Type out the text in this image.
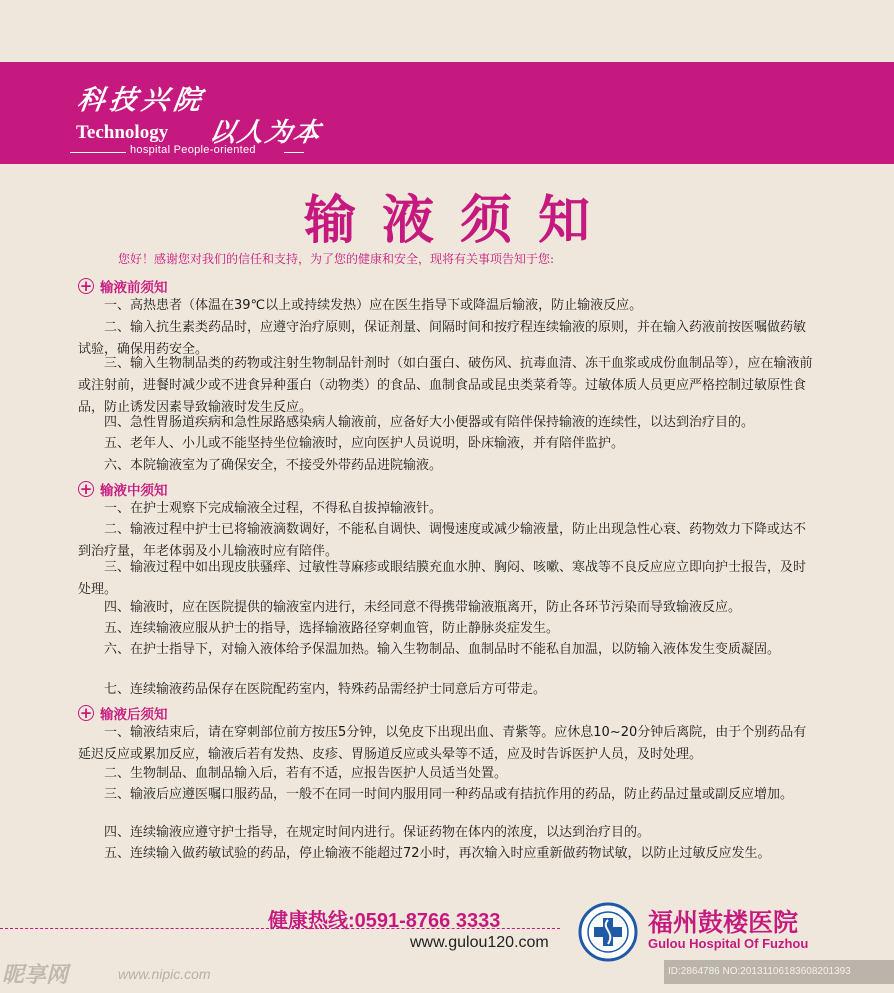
科技兴院
Technology 以人为本
hospital People-oriented
输液须知
您好！感谢您对我们的信任和支持，为了您的健康和安全，现将有关事项告知于您:
+ 输液前须知
一、高热患者（体温在39℃以上或持续发热）应在医生指导下或降温后输液，防止输液反应。
二、输入抗生素类药品时，应遵守治疗原则，保证剂量、间隔时间和按疗程连续输液的原则，并在输入药液前按医嘱做药敏试验，确保用药安全。
三、输入生物制品类的药物或注射生物制品针剂时（如白蛋白、破伤风、抗毒血清、冻干血浆或成份血制品等），应在输液前或注射前，进餐时减少或不进食异种蛋白（动物类）的食品、血制食品或昆虫类菜肴等。过敏体质人员更应严格控制过敏原性食品，防止诱发因素导致输液时发生反应。
四、急性胃肠道疾病和急性尿路感染病人输液前，应备好大小便器或有陪伴保持输液的连续性，以达到治疗目的。
五、老年人、小儿或不能坚持坐位输液时，应向医护人员说明，卧床输液，并有陪伴监护。
六、本院输液室为了确保安全，不接受外带药品进院输液。
+ 输液中须知
一、在护士观察下完成输液全过程，不得私自拔掉输液针。
二、输液过程中护士已将输液滴数调好，不能私自调快、调慢速度或减少输液量，防止出现急性心衰、药物效力下降或达不到治疗量，年老体弱及小儿输液时应有陪伴。
三、输液过程中如出现皮肤骚痒、过敏性荨麻疹或眼结膜充血水肿、胸闷、咳嗽、寒战等不良反应应立即向护士报告，及时处理。
四、输液时，应在医院提供的输液室内进行，未经同意不得携带输液瓶离开，防止各环节污染而导致输液反应。
五、连续输液应服从护士的指导，选择输液路径穿刺血管，防止静脉炎症发生。
六、在护士指导下，对输入液体给予保温加热。输入生物制品、血制品时不能私自加温，以防输入液体发生变质凝固。
七、连续输液药品保存在医院配药室内，特殊药品需经护士同意后方可带走。
+ 输液后须知
一、输液结束后，请在穿刺部位前方按压5分钟，以免皮下出现出血、青紫等。应休息10~20分钟后离院，由于个别药品有延迟反应或累加反应，输液后若有发热、皮疹、胃肠道反应或头晕等不适，应及时告诉医护人员，及时处理。
二、生物制品、血制品输入后，若有不适，应报告医护人员适当处置。
三、输液后应遵医嘱口服药品，一般不在同一时间内服用同一种药品或有拮抗作用的药品，防止药品过量或副反应增加。
四、连续输液应遵守护士指导，在规定时间内进行。保证药物在体内的浓度，以达到治疗目的。
五、连续输入做药敏试验的药品，停止输液不能超过72小时，再次输入时应重新做药物试敏，以防止过敏反应发生。
健康热线:0591-8766 3333
www.gulou120.com
福州鼓楼医院
Gulou Hospital Of Fuzhou
昵享网	www.nipic.com	ID:2864786 NO:20131106183608201393
